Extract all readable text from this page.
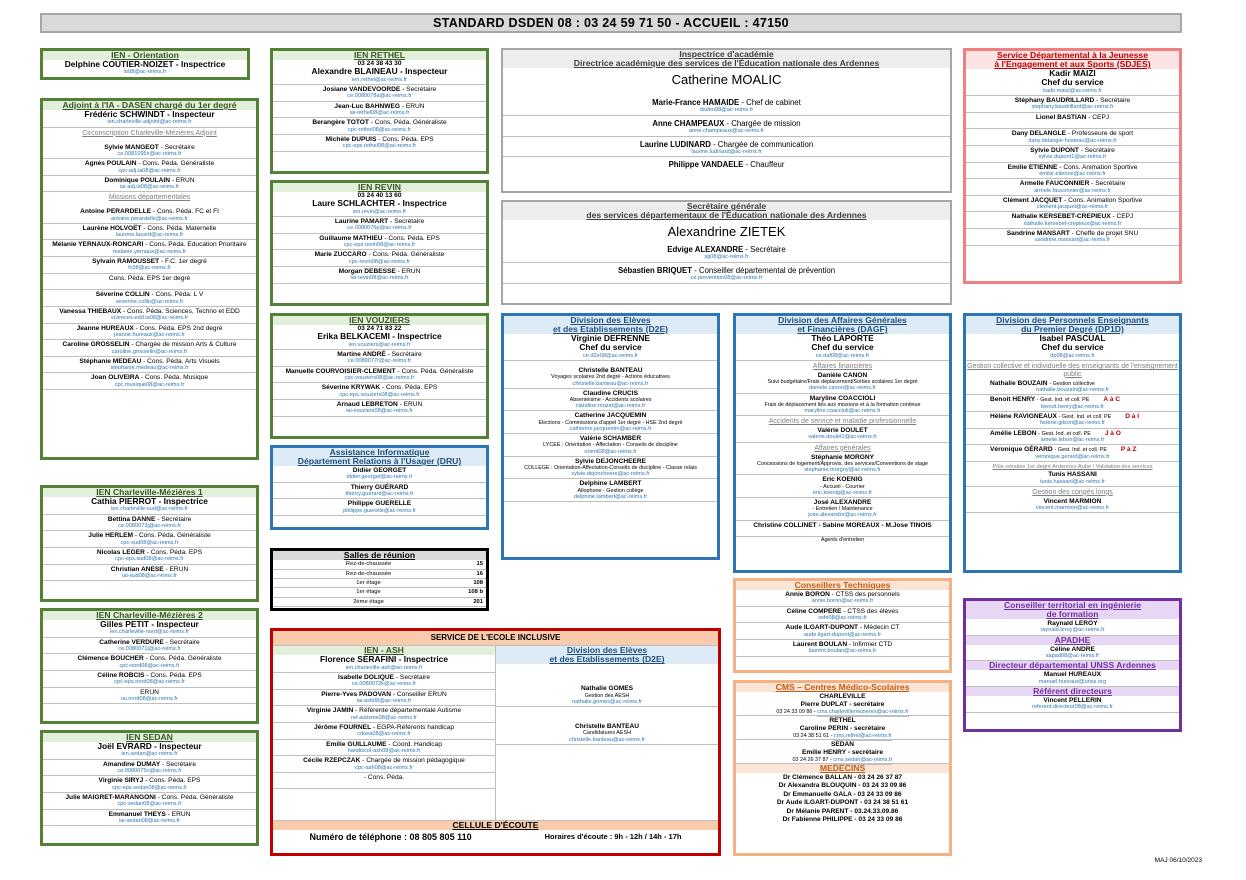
STANDARD DSDEN 08 : 03 24 59 71 50 - ACCUEIL : 47150
IEN - Orientation
Delphine COUTIER-NOIZET - Inspectrice
io08@ac-reims.fr
Adjoint à l'IA - DASEN chargé du 1er degré
Frédéric SCHWINDT - Inspecteur
ien.charleville-adjoint@ac-reims.fr
Circonscription Charleville-Mézières Adjoint
Sylvie MANGEOT - Secrétaire
ce.0081095x@ac-reims.fr
Agnès POULAIN - Cons. Péda. Généraliste
cpc-adj.ia08@ac-reims.fr
Dominique POULAIN - ERUN
iai-adj.ia08@ac-reims.fr
Missions départementales
Antoine PERARDELLE - Cons. Péda. FC et FI
antoine.perardelle@ac-reims.fr
Laurène HOLVOËT - Cons. Péda. Maternelle
laurene.lazard@ac-reims.fr
Mélanie YERNAUX-RONCARI - Cons. Péda. Education Prioritaire
melanie.yernaux@ac-reims.fr
Sylvain RAMOUSSET - F.C. 1er degré
fc08@ac-reims.fr
Cons. Péda. EPS 1er degré

Séverine COLLIN - Cons. Péda. L V
severine.collin@ac-reims.fr
Vanessa THIEBAUX - Cons. Péda. Sciences, Techno et EDD
sciences-edd.ia08@ac-reims.fr
Jeanne HUREAUX - Cons. Péda. EPS 2nd degré
jeanne.hureaux@ac-reims.fr
Caroline GROSSELIN - Chargée de mission Arts & Culture
caroline.grosselin@ac-reims.fr
Stéphanie MEDEAU - Cons. Péda. Arts Visuels
stephanie.medeau@ac-reims.fr
Joan OLIVEIRA - Cons. Péda. Musique
cpc.musique08@ac-reims.fr
IEN Charleville-Mézières 1
Cathia PIERROT - Inspectrice
ien.charleville-sud@ac-reims.fr
Bettina DANNE - Secrétaire
ce.0080073j@ac-reims.fr
Julie HERLEM - Cons. Péda. Généraliste
cpc-sud08@ac-reims.fr
Nicolas LEGER - Cons. Péda. EPS
cpc-eps.sud08@ac-reims.fr
Christian ANESE - ERUN
iai-sud08@ac-reims.fr
IEN Charleville-Mézières 2
Gilles PETIT - Inspecteur
ien.charleville-nord@ac-reims.fr
Catherine VERDURE - Secrétaire
ce.0080071j@ac-reims.fr
Clémence BOUCHER - Cons. Péda. Généraliste
cpc-nord08@ac-reims.fr
Céline ROBCIS - Cons. Péda. EPS
cpc-eps.nord08@ac-reims.fr
ERUN
iai.nord08@ac-reims.fr
IEN SEDAN
Joël EVRARD - Inspecteur
ien.sedan@ac-reims.fr
Amandine DUMAY - Secrétaire
ce.0080075n@ac-reims.fr
Virginie SIRYJ - Cons. Péda. EPS
cpc-eps.sedan08@ac-reims.fr
Julie MAIGRET-MARANGONI - Cons. Péda. Généraliste
cpc-sedan08@ac-reims.fr
Emmanuel THEYS - ERUN
iai-sedan08@ac-reims.fr
IEN RETHEL
03 24 38 43 30
Alexandre BLAINEAU - Inspecteur
ien.rethel@ac-reims.fr
Josiane VANDEVOORDE - Secrétaire
ce.0080078a@ac-reims.fr
Jean-Luc BAHNWEG - ERUN
iai-rethel08@ac-reims.fr
Berangère TOTOT - Cons. Péda. Généraliste
cpc-rethel08@ac-reims.fr
Michèle DUPUIS - Cons. Péda. EPS
cpc-eps.rethel08@ac-reims.fr
IEN REVIN
03 24 40 13 60
Laure SCHLACHTER - Inspectrice
ien.revin@ac-reims.fr
Laurine PAMART - Secrétaire
ce.0080076p@ac-reims.fr
Guillaume MATHIEU - Cons. Péda. EPS
cpc-eps.revin08@ac-reims.fr
Marie ZUCCARO - Cons. Péda. Généraliste
cpc-revin08@ac-reims.fr
Morgan DEBESSE - ERUN
iai-revin08@ac-reims.fr
IEN VOUZIERS
03 24 71 83 22
Erika BELKACEMI - Inspectrice
ien.vouziers@ac-reims.fr
Martine ANDRÉ - Secrétaire
ce.0080077r@ac-reims.fr
Manuelle COURVOISIER-CLEMENT - Cons. Péda. Généraliste
cpc-vouziers08@ac-reims.fr
Séverine KRYWAK - Cons. Péda. EPS
cpc-eps.vouziers08@ac-reims.fr
Arnaud LEBRETON - ERUN
iai-vouziers08@ac-reims.fr
Assistance Informatique
Département Relations à l'Usager (DRU)
Didier GEORGET
didier.georget@ac-reims.fr
Thierry GUÉRARD
thierry.guerard@ac-reims.fr
Philippe GUERELLE
philippe.guerelle@ac-reims.fr
Salles de réunion
Rez-de-chaussée	15
Rez-de-chaussée	16
1er étage	108
1er étage	108 b
2ème étage	201
Inspectrice d'académie
Directrice académique des services de l'Éducation nationale des Ardennes
Catherine MOALIC
Marie-France HAMAIDE - Chef de cabinet
dsden08@ac-reims.fr
Anne CHAMPEAUX - Chargée de mission
anne.champeaux@ac-reims.fr
Laurine LUDINARD - Chargée de communication
laurine.ludinard@ac-reims.fr
Philippe VANDAELE - Chauffeur
Secrétaire générale
des services départementaux de l'Éducation nationale des Ardennes
Alexandrine ZIETEK
Edvige ALEXANDRE - Secrétaire
sg08@ac-reims.fr
Sébastien BRIQUET - Conseiller départemental de prévention
ce.prevention08@ac-reims.fr
Division des Elèves
et des Etablissements (D2E)
Virginie DEFRENNE
Chef du service
ce.d2e08@ac-reims.fr
Christelle BANTEAU
Voyages scolaires 2nd degré - Actions éducatives
christelle.banteau@ac-reims.fr
Claudine CRUCIS
Absentéisme - Accidents scolaires
claudine.mozet@ac-reims.fr
Catherine JACQUEMIN
Elections - Commissions d'appel 1er degré - HSE 2nd degré
catherine.jacquemin@ac-reims.fr
Valérie SCHAMBER
LYCEE : Orientation - Affectation - Conseils de discipline
orient08@ac-reims.fr
Sylvie DEJONCHEERE
COLLEGE : Orientation-Affectation-Conseils de discipline - Classe relais
sylvie.dejoncheere@ac-reims.fr
Delphine LAMBERT
Allophone - Gestion collège
delphine.lambert@ac-reims.fr
Division des Affaires Générales
et Financières (DAGF)
Théo LAPORTE
Chef du service
ce.daf08@ac-reims.fr
Affaires financières
Danièle CANON
Suivi budgétaire/Frais déplacement/Sorties scolaires 1er degré
daniele.canon@ac-reims.fr
Maryline COACCIOLI
Frais de déplacement liés aux missions et à la formation continue
maryline.coaccioli@ac-reims.fr
Accidents de service et maladie professionnelle
Valérie DOULET
valerie.doulet1@ac-reims.fr
Affaires générales
Stéphanie MORGNY
Concessions de logement/Approvis. des services/Conventions de stage
stephanie.morgny@ac-reims.fr
Eric KOENIG
- Accueil - Courrier
eric.koenig@ac-reims.fr
José ALEXANDRE
- Entretien / Maintenance
jose.alexandre@ac-reims.fr
Christine COLLINET - Sabine MOREAUX - M.Jose TINOIS

Agents d'entretien
Conseillers Techniques
Annie BORON - CTSS des personnels
annie.boron@ac-reims.fr
Céline COMPERE - CTSS des élèves
ssfe08@ac-reims.fr
Aude ILGART-DUPONT - Médecin CT
aude.ilgart-dupont@ac-reims.fr
Laurent BOULAN - Infirmier CTD
laurent.boulan@ac-reims.fr
CMS – Centres Médico-Scolaires
CHARLEVILLE
Pierre DUPLAT - secrétaire
03 24 33 09 86 - cms.charlevillemezieres@ac-reims.fr
RETHEL
Caroline PERIN - secrétaire
03 24 38 51 61 - cms.rethel@ac-reims.fr
SEDAN
Emilie HENRY - secrétaire
03 24 26 37 87 - cms.sedan@ac-reims.fr
MEDECINS
Dr Clémence BALLAN - 03 24 26 37 87
Dr Alexandra BLOUQUIN - 03 24 33 09 86
Dr Emmanuelle GALA - 03 24 33 09 86
Dr Aude ILGART-DUPONT - 03 24 38 51 61
Dr Mélanie PARENT - 03.24.33.09.86
Dr Fabienne PHILIPPE - 03 24 33 09 86
Service Départemental à la Jeunesse
à l'Engagement et aux Sports (SDJES)
Kadir MAIZI
Chef du service
kadir.maizi@ac-reims.fr
Stéphany BAUDRILLARD - Secrétaire
stephany.baudrillard@ac-reims.fr
Lionel BASTIAN - CEPJ

Dany DELANGLE - Professeure de sport
dany.delangle-hosteau@ac-reims.fr
Sylvie DUPONT - Secrétaire
sylvie.dupont1@ac-reims.fr
Emilie ETIENNE - Cons. Animation Sportive
emilie.etienne@ac-reims.fr
Armelle FAUCONNIER - Secrétaire
armele.fauconnier@ac-reims.fr
Clément JACQUET - Cons. Animation Sportive
clement.jacquet@ac-reims.fr
Nathalie KERSEBET-CREPIEUX - CEPJ
nathalie.kersebet-crepieux@ac-reims.fr
Sandrine MANSART - Cheffe de projet SNU
sandrine.mansart@ac-reims.fr
Division des Personnels Enseignants
du Premier Degré (DP1D)
Isabel PASCUAL
Chef du service
dp08@ac-reims.fr
Gestion collective et individuelle des enseignants de l'enseignement public
Nathalie BOUZAIN - Gestion collective
nathalie.bouzain@ac-reims.fr
Benoit HENRY - Gest. Ind. et coll. PE A à C
benoit.henry@ac-reims.fr
Hélène RAVIGNEAUX - Gest. Ind. et coll. PE D à I
helene.gilson@ac-reims.fr
Amélie LEBON - Gest. Ind. et coll. PE J à O
amelie.lebon@ac-reims.fr
Véronique GÉRARD - Gest. Ind. et coll. PE P à Z
veronique.gerard@ac-reims.fr
Pôle retraites 1er degré Ardennes-Aube / Validation des services
Tunis HASSANI
tunis.hassani@ac-reims.fr
Gestion des congés longs
Vincent MARMION
vincent.marmion@ac-reims.fr
Conseiller territorial en ingénierie
de formation
Raynald LEROY
raynald.leroy@ac-reims.fr
APADHE
Céline ANDRE
sapad08@ac-reims.fr
Directeur départemental UNSS Ardennes
Manuel HUREAUX
manuel.hureaux@unss.org
Référent directeurs
Vincent PELLERIN
referent.directeur08@ac-reims.fr
SERVICE DE L'ECOLE INCLUSIVE
IEN - ASH
Florence SERAFINI - Inspectrice
ien.charleville-ash@ac-reims.fr
Isabelle DOLIQUE - Secrétaire
ce.0080072k@ac-reims.fr
Pierre-Yves PADOVAN - Conseiller ERUN
iai-ash08@ac-reims.fr
Virginie JAMIN - Référente départementale Autisme
ref.autisme08@ac-reims.fr
Jérôme FOURNEL - EGPA-Référents handicap
cdoea08@ac-reims.fr
Emilie GUILLAUME - Coord. Handicap
handiscol-ash08@ac-reims.fr
Cécile RZEPCZAK - Chargée de mission pédagogique
cpc-ash08@ac-reims.fr
- Cons. Péda.

Division des Elèves
et des Etablissements (D2E)
Nathalie GOMES
Gestion des AESH
nathalie.gomes@ac-reims.fr
Christelle BANTEAU
Candidatures AESH
christelle.banteau@ac-reims.fr
CELLULE D'ÉCOUTE
Numéro de téléphone : 08 805 805 110	Horaires d'écoute : 9h - 12h / 14h - 17h
MAJ 06/10/2023
